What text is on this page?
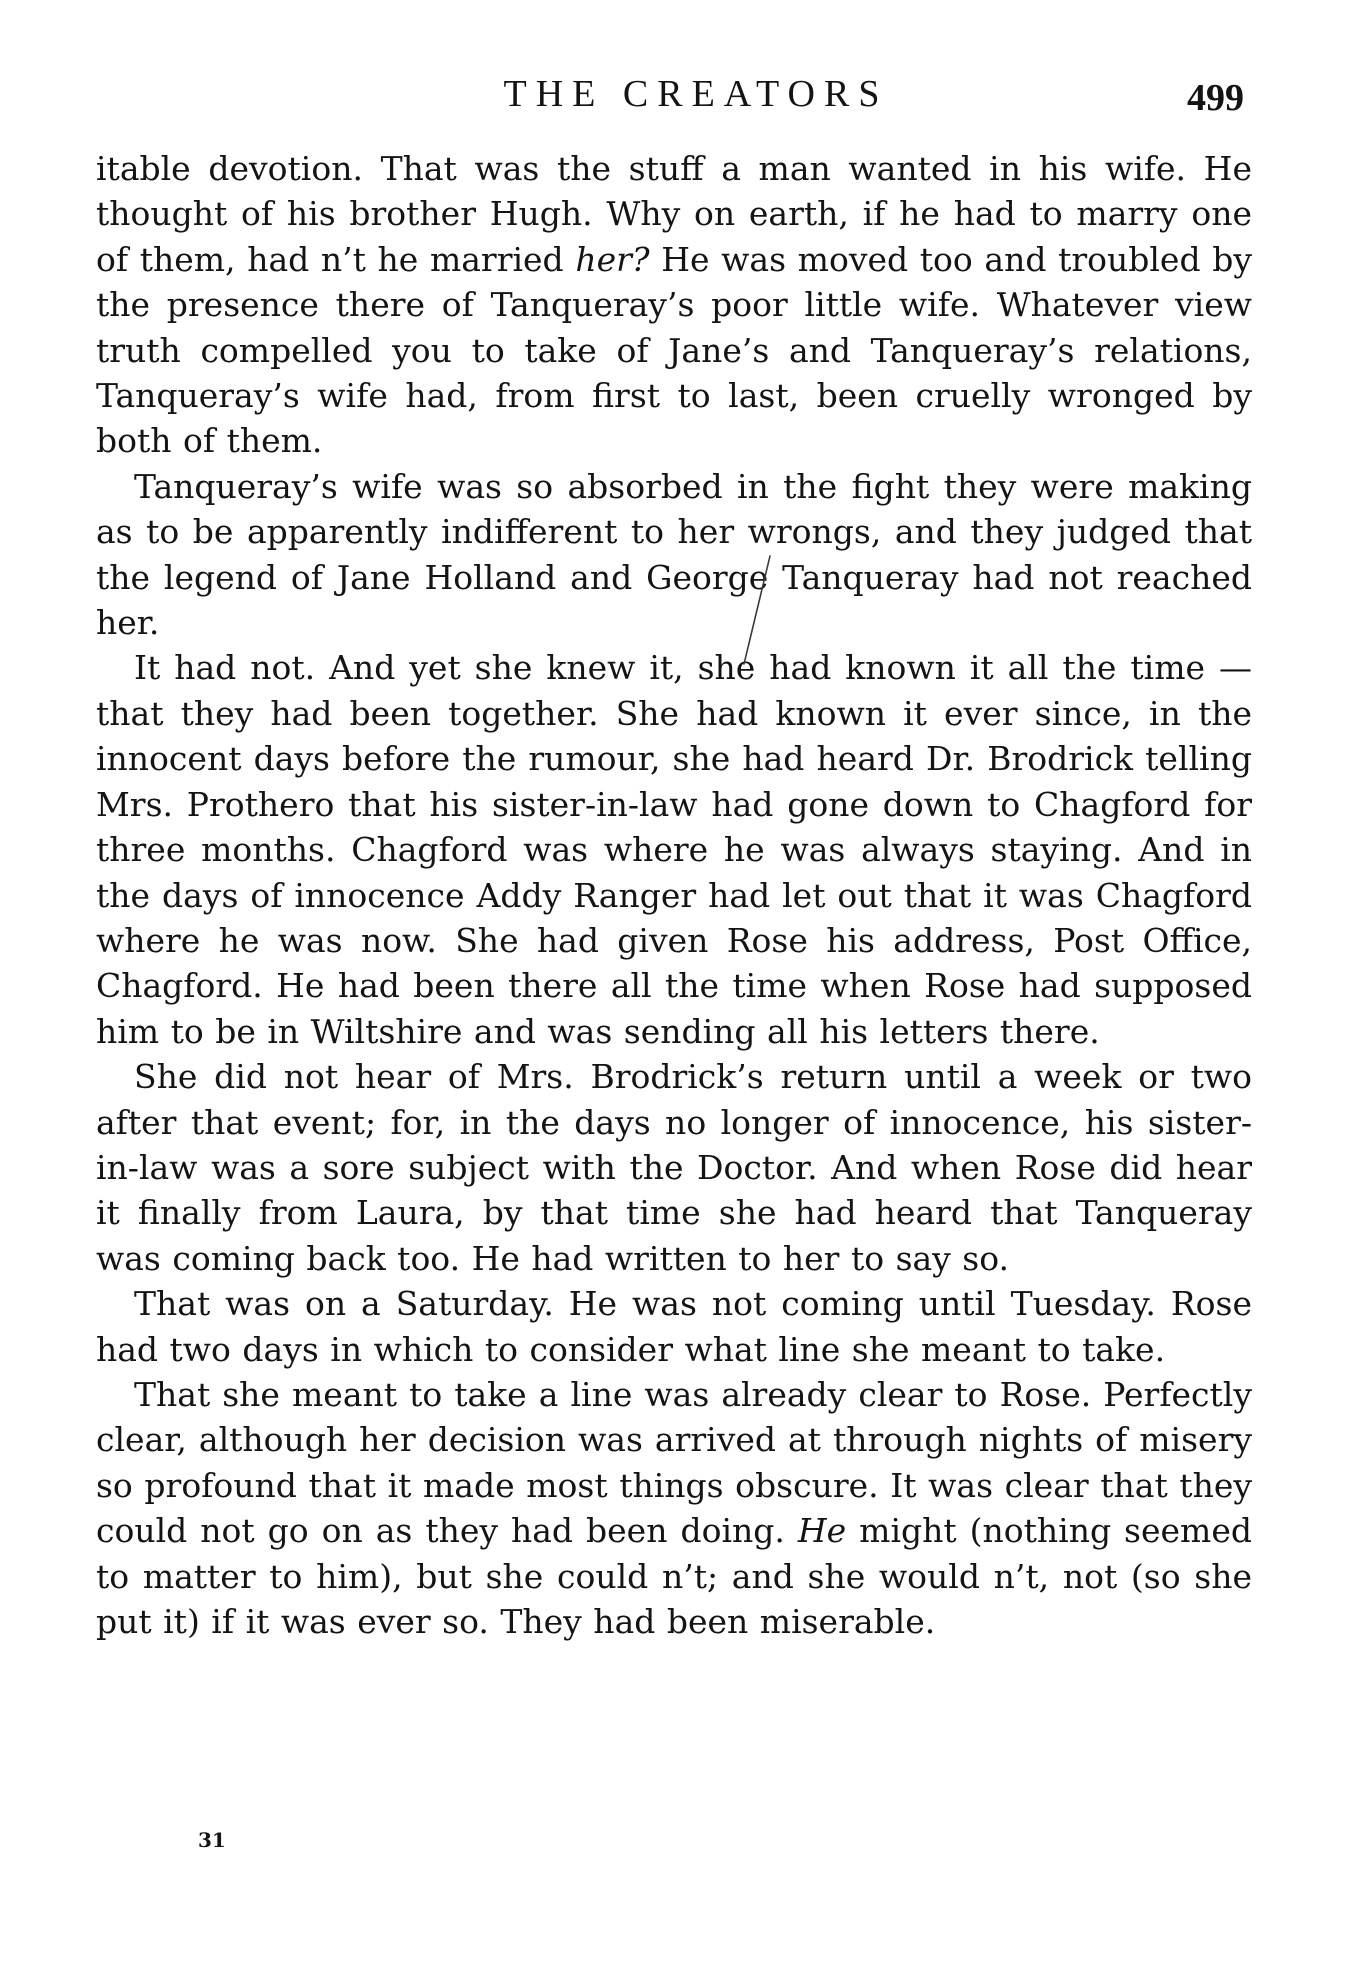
THE CREATORS	499

itable devotion. That was the stuff a man wanted in his wife. He thought of his brother Hugh. Why on earth, if he had to marry one of them, had n’t he married her? He was moved too and troubled by the presence there of Tanqueray’s poor little wife. Whatever view truth compelled you to take of Jane’s and Tanqueray’s relations, Tanqueray’s wife had, from first to last, been cruelly wronged by both of them.

Tanqueray’s wife was so absorbed in the fight they were making as to be apparently indifferent to her wrongs, and they judged that the legend of Jane Holland and George Tanqueray had not reached her.

It had not. And yet she knew it, she had known it all the time — that they had been together. She had known it ever since, in the innocent days before the rumour, she had heard Dr. Brodrick telling Mrs. Prothero that his sister-in-law had gone down to Chagford for three months. Chagford was where he was always staying. And in the days of innocence Addy Ranger had let out that it was Chagford where he was now. She had given Rose his address, Post Office, Chagford. He had been there all the time when Rose had supposed him to be in Wiltshire and was sending all his letters there.

She did not hear of Mrs. Brodrick’s return until a week or two after that event; for, in the days no longer of innocence, his sister-in-law was a sore subject with the Doctor. And when Rose did hear it finally from Laura, by that time she had heard that Tanqueray was coming back too. He had written to her to say so.

That was on a Saturday. He was not coming until Tuesday. Rose had two days in which to consider what line she meant to take.

That she meant to take a line was already clear to Rose. Perfectly clear, although her decision was arrived at through nights of misery so profound that it made most things obscure. It was clear that they could not go on as they had been doing. He might (nothing seemed to matter to him), but she could n’t; and she would n’t, not (so she put it) if it was ever so. They had been miserable.

31
